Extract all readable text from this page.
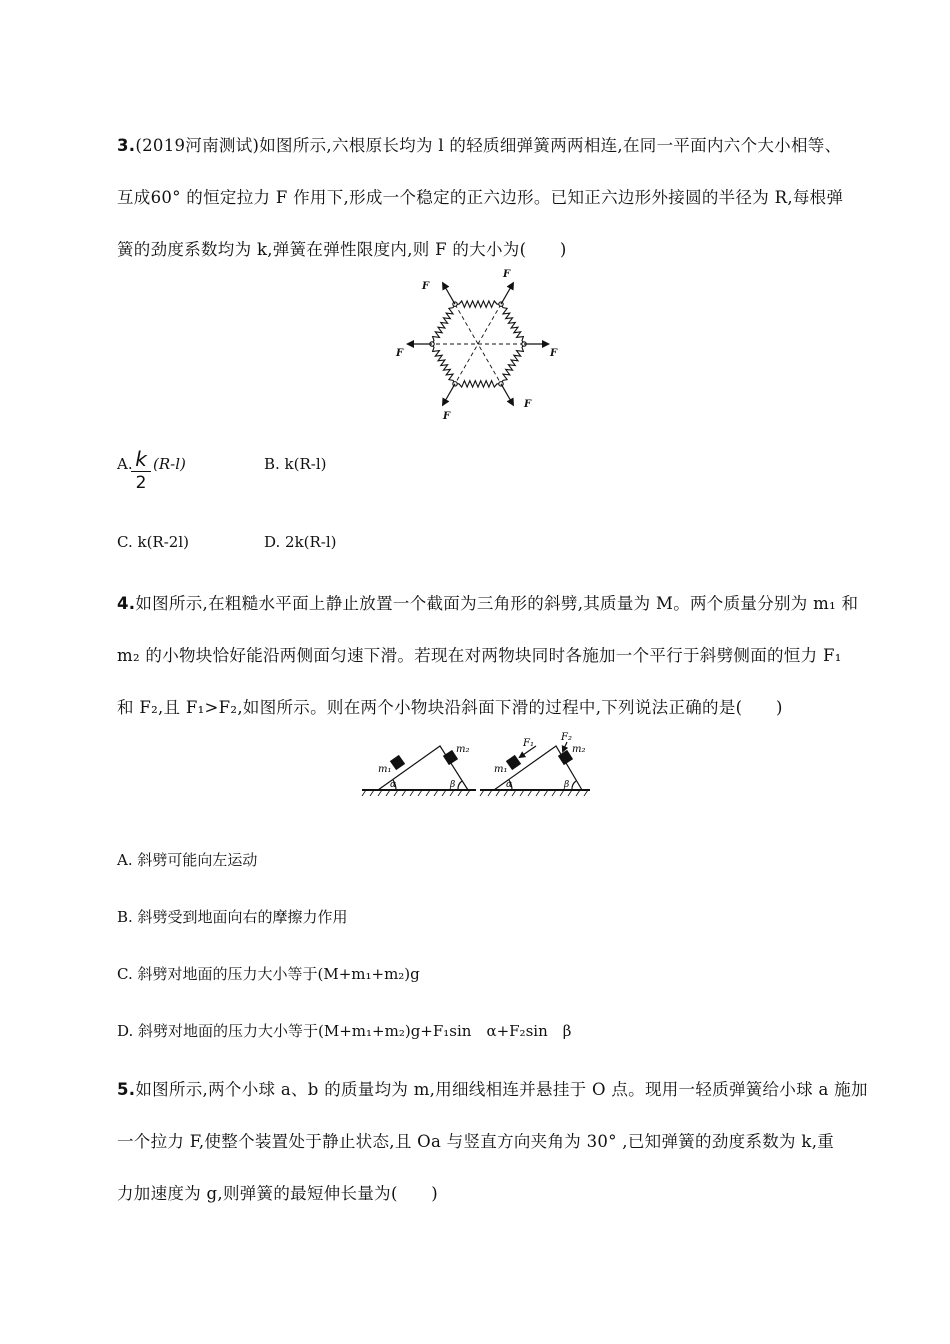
3.(2019河南测试)如图所示,六根原长均为 l 的轻质细弹簧两两相连,在同一平面内六个大小相等、
互成60° 的恒定拉力 F 作用下,形成一个稳定的正六边形。已知正六边形外接圆的半径为 R,每根弹
簧的劲度系数均为 k,弹簧在弹性限度内,则 F 的大小为(　　)
F
F
F
F
F
F
A. k
2
(R-l)	B. k(R-l)
C. k(R-2l)	D. 2k(R-l)
4.如图所示,在粗糙水平面上静止放置一个截面为三角形的斜劈,其质量为 M。两个质量分别为 m₁ 和
m₂ 的小物块恰好能沿两侧面匀速下滑。若现在对两物块同时各施加一个平行于斜劈侧面的恒力 F₁
和 F₂,且 F₁>F₂,如图所示。则在两个小物块沿斜面下滑的过程中,下列说法正确的是(　　)
m₁
m₂
α	β
m₁
m₂
F₁
F₂
α	β
A. 斜劈可能向左运动
B. 斜劈受到地面向右的摩擦力作用
C. 斜劈对地面的压力大小等于(M+m₁+m₂)g
D. 斜劈对地面的压力大小等于(M+m₁+m₂)g+F₁sin　α+F₂sin　β
5.如图所示,两个小球 a、b 的质量均为 m,用细线相连并悬挂于 O 点。现用一轻质弹簧给小球 a 施加
一个拉力 F,使整个装置处于静止状态,且 Oa 与竖直方向夹角为 30° ,已知弹簧的劲度系数为 k,重
力加速度为 g,则弹簧的最短伸长量为(　　)
